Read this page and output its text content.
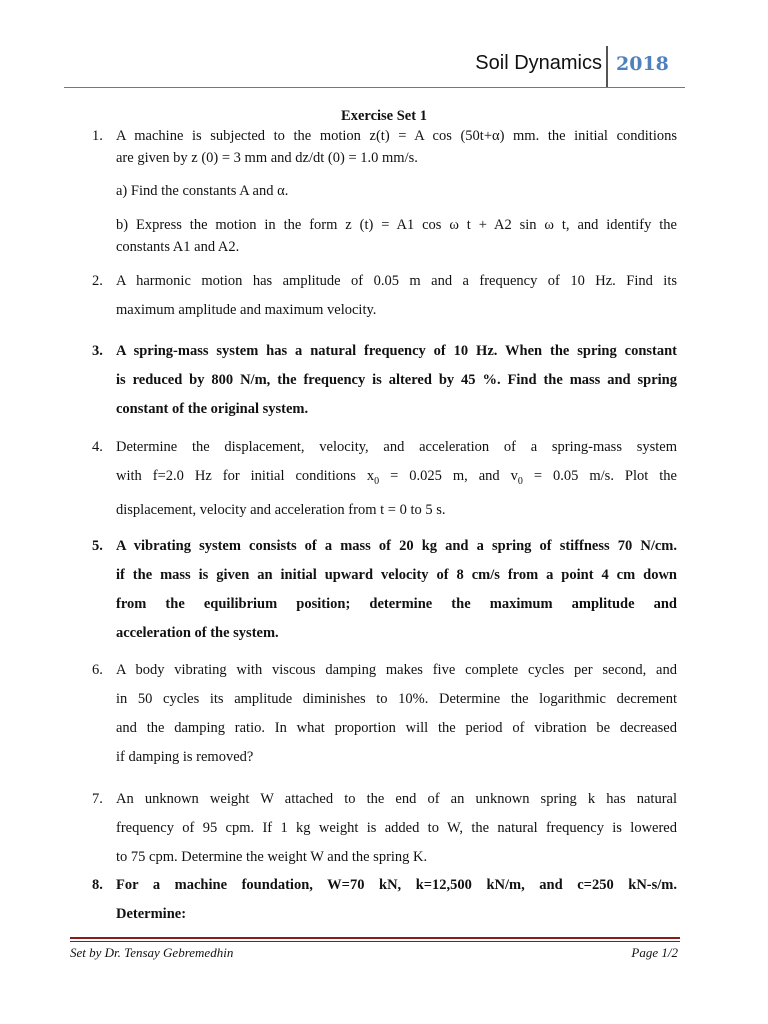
Soil Dynamics 2018
Exercise Set 1
1. A machine is subjected to the motion z(t) = A cos (50t+α) mm. the initial conditions
are given by z (0) = 3 mm and dz/dt (0) = 1.0 mm/s.
a) Find the constants A and α.
b) Express the motion in the form z (t) = A1 cos ω t + A2 sin ω t, and identify the
constants A1 and A2.
2. A harmonic motion has amplitude of 0.05 m and a frequency of 10 Hz. Find its
maximum amplitude and maximum velocity.
3. A spring-mass system has a natural frequency of 10 Hz. When the spring constant
is reduced by 800 N/m, the frequency is altered by 45 %. Find the mass and spring
constant of the original system.
4. Determine the displacement, velocity, and acceleration of a spring-mass system
with f=2.0 Hz for initial conditions $x_0 = 0.025$ m, and $v_0 = 0.05$ m/s. Plot the
displacement, velocity and acceleration from t = 0 to 5 s.
5. A vibrating system consists of a mass of 20 kg and a spring of stiffness 70 N/cm.
if the mass is given an initial upward velocity of 8 cm/s from a point 4 cm down
from the equilibrium position; determine the maximum amplitude and
acceleration of the system.
6. A body vibrating with viscous damping makes five complete cycles per second, and
in 50 cycles its amplitude diminishes to 10%. Determine the logarithmic decrement
and the damping ratio. In what proportion will the period of vibration be decreased
if damping is removed?
7. An unknown weight W attached to the end of an unknown spring k has natural
frequency of 95 cpm. If 1 kg weight is added to W, the natural frequency is lowered
to 75 cpm. Determine the weight W and the spring K.
8. For a machine foundation, W=70 kN, k=12,500 kN/m, and c=250 kN-s/m.
Determine:
Set by Dr. Tensay Gebremedhin	Page 1/2
